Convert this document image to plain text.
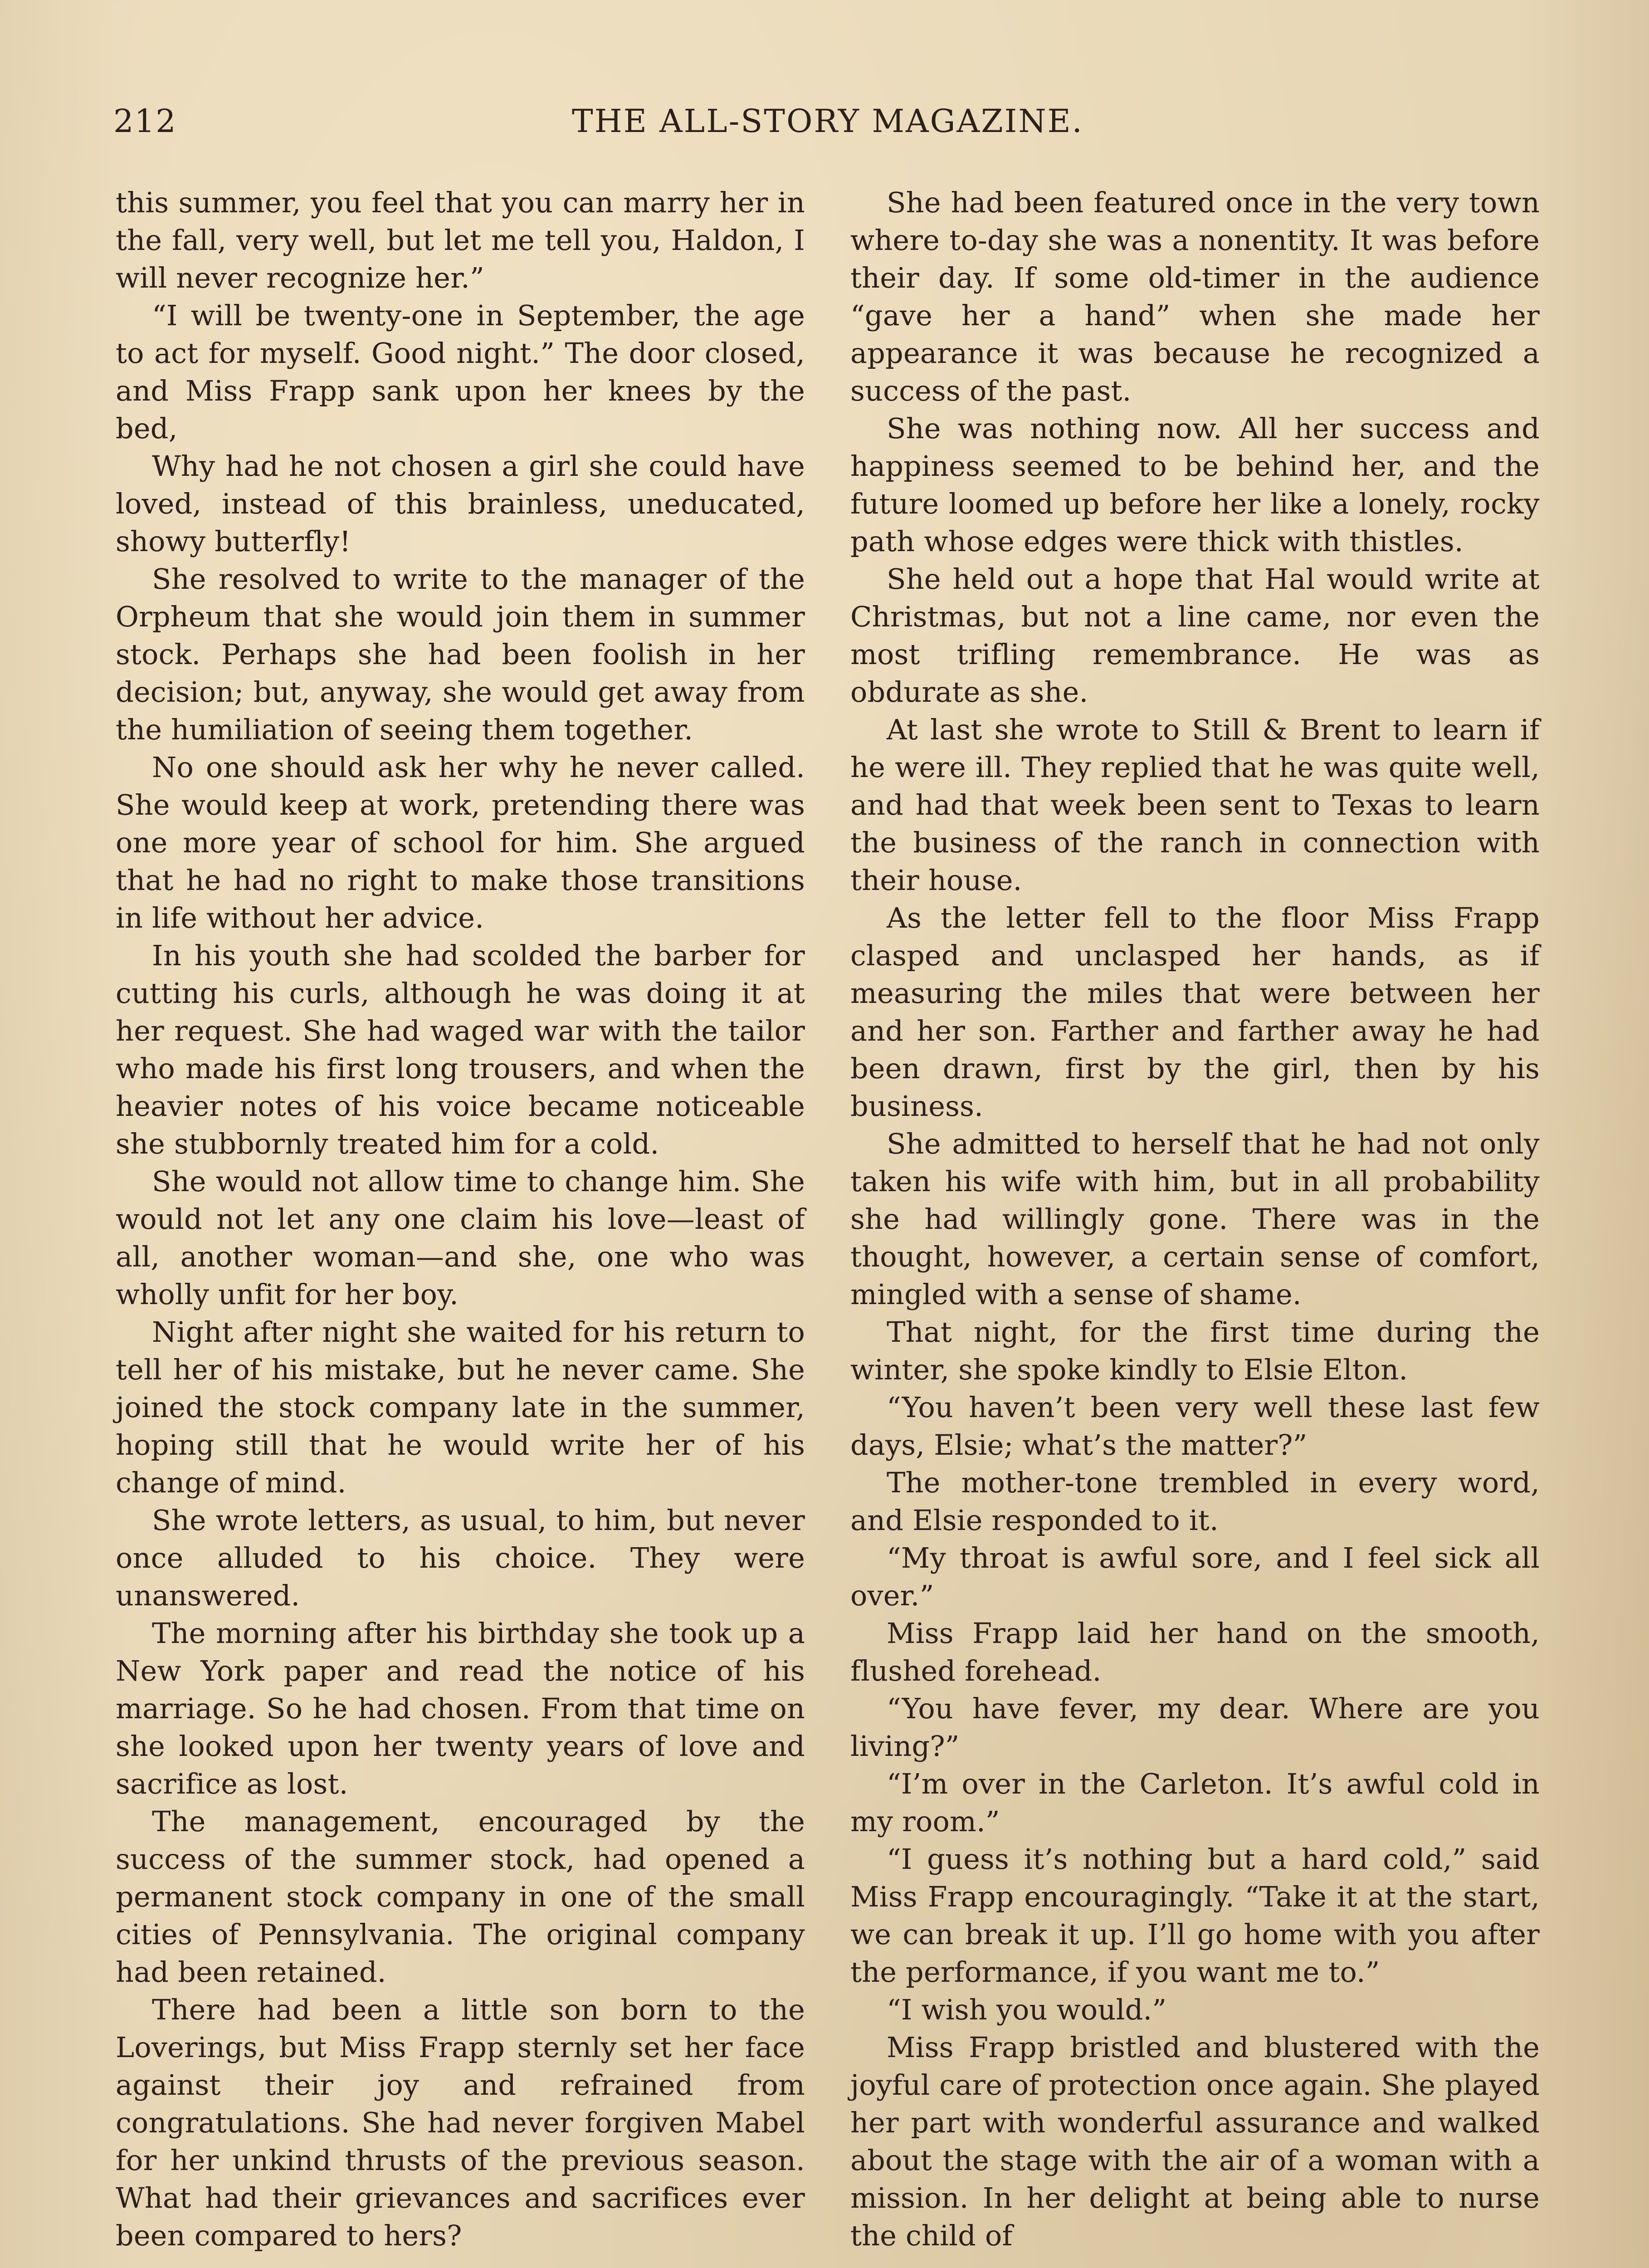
212	THE ALL-STORY MAGAZINE.

this summer, you feel that you can marry her in the fall, very well, but let me tell you, Haldon, I will never recognize her.”

“I will be twenty-one in September, the age to act for myself. Good night.” The door closed, and Miss Frapp sank upon her knees by the bed,

Why had he not chosen a girl she could have loved, instead of this brainless, uneducated, showy butterfly!

She resolved to write to the manager of the Orpheum that she would join them in summer stock. Perhaps she had been foolish in her decision; but, anyway, she would get away from the humiliation of seeing them together.

No one should ask her why he never called. She would keep at work, pretending there was one more year of school for him. She argued that he had no right to make those transitions in life without her advice.

In his youth she had scolded the barber for cutting his curls, although he was doing it at her request. She had waged war with the tailor who made his first long trousers, and when the heavier notes of his voice became noticeable she stubbornly treated him for a cold.

She would not allow time to change him. She would not let any one claim his love—least of all, another woman—and she, one who was wholly unfit for her boy.

Night after night she waited for his return to tell her of his mistake, but he never came. She joined the stock company late in the summer, hoping still that he would write her of his change of mind.

She wrote letters, as usual, to him, but never once alluded to his choice. They were unanswered.

The morning after his birthday she took up a New York paper and read the notice of his marriage. So he had chosen. From that time on she looked upon her twenty years of love and sacrifice as lost.

The management, encouraged by the success of the summer stock, had opened a permanent stock company in one of the small cities of Pennsylvania. The original company had been retained.

There had been a little son born to the Loverings, but Miss Frapp sternly set her face against their joy and refrained from congratulations. She had never forgiven Mabel for her unkind thrusts of the previous season. What had their grievances and sacrifices ever been compared to hers?

She had been featured once in the very town where to-day she was a nonentity. It was before their day. If some old-timer in the audience “gave her a hand” when she made her appearance it was because he recognized a success of the past.

She was nothing now. All her success and happiness seemed to be behind her, and the future loomed up before her like a lonely, rocky path whose edges were thick with thistles.

She held out a hope that Hal would write at Christmas, but not a line came, nor even the most trifling remembrance. He was as obdurate as she.

At last she wrote to Still & Brent to learn if he were ill. They replied that he was quite well, and had that week been sent to Texas to learn the business of the ranch in connection with their house.

As the letter fell to the floor Miss Frapp clasped and unclasped her hands, as if measuring the miles that were between her and her son. Farther and farther away he had been drawn, first by the girl, then by his business.

She admitted to herself that he had not only taken his wife with him, but in all probability she had willingly gone. There was in the thought, however, a certain sense of comfort, mingled with a sense of shame.

That night, for the first time during the winter, she spoke kindly to Elsie Elton.

“You haven’t been very well these last few days, Elsie; what’s the matter?”

The mother-tone trembled in every word, and Elsie responded to it.

“My throat is awful sore, and I feel sick all over.”

Miss Frapp laid her hand on the smooth, flushed forehead.

“You have fever, my dear. Where are you living?”

“I’m over in the Carleton. It’s awful cold in my room.”

“I guess it’s nothing but a hard cold,” said Miss Frapp encouragingly. “Take it at the start, we can break it up. I’ll go home with you after the performance, if you want me to.”

“I wish you would.”

Miss Frapp bristled and blustered with the joyful care of protection once again. She played her part with wonderful assurance and walked about the stage with the air of a woman with a mission. In her delight at being able to nurse the child of
